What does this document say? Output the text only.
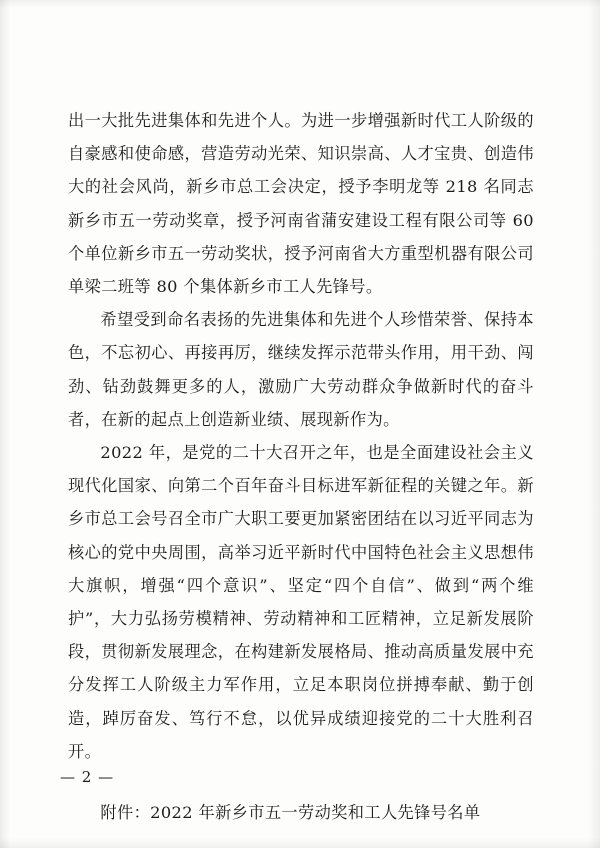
出一大批先进集体和先进个人。为进一步增强新时代工人阶级的自豪感和使命感，营造劳动光荣、知识崇高、人才宝贵、创造伟大的社会风尚，新乡市总工会决定，授予李明龙等 218 名同志新乡市五一劳动奖章，授予河南省蒲安建设工程有限公司等 60 个单位新乡市五一劳动奖状，授予河南省大方重型机器有限公司单梁二班等 80 个集体新乡市工人先锋号。

希望受到命名表扬的先进集体和先进个人珍惜荣誉、保持本色，不忘初心、再接再厉，继续发挥示范带头作用，用干劲、闯劲、钻劲鼓舞更多的人，激励广大劳动群众争做新时代的奋斗者，在新的起点上创造新业绩、展现新作为。

2022 年，是党的二十大召开之年，也是全面建设社会主义现代化国家、向第二个百年奋斗目标进军新征程的关键之年。新乡市总工会号召全市广大职工要更加紧密团结在以习近平同志为核心的党中央周围，高举习近平新时代中国特色社会主义思想伟大旗帜，增强“四个意识”、坚定“四个自信”、做到“两个维护”，大力弘扬劳模精神、劳动精神和工匠精神，立足新发展阶段，贯彻新发展理念，在构建新发展格局、推动高质量发展中充分发挥工人阶级主力军作用，立足本职岗位拼搏奉献、勤于创造，踔厉奋发、笃行不怠，以优异成绩迎接党的二十大胜利召开。

附件：2022 年新乡市五一劳动奖和工人先锋号名单

— 2 —
